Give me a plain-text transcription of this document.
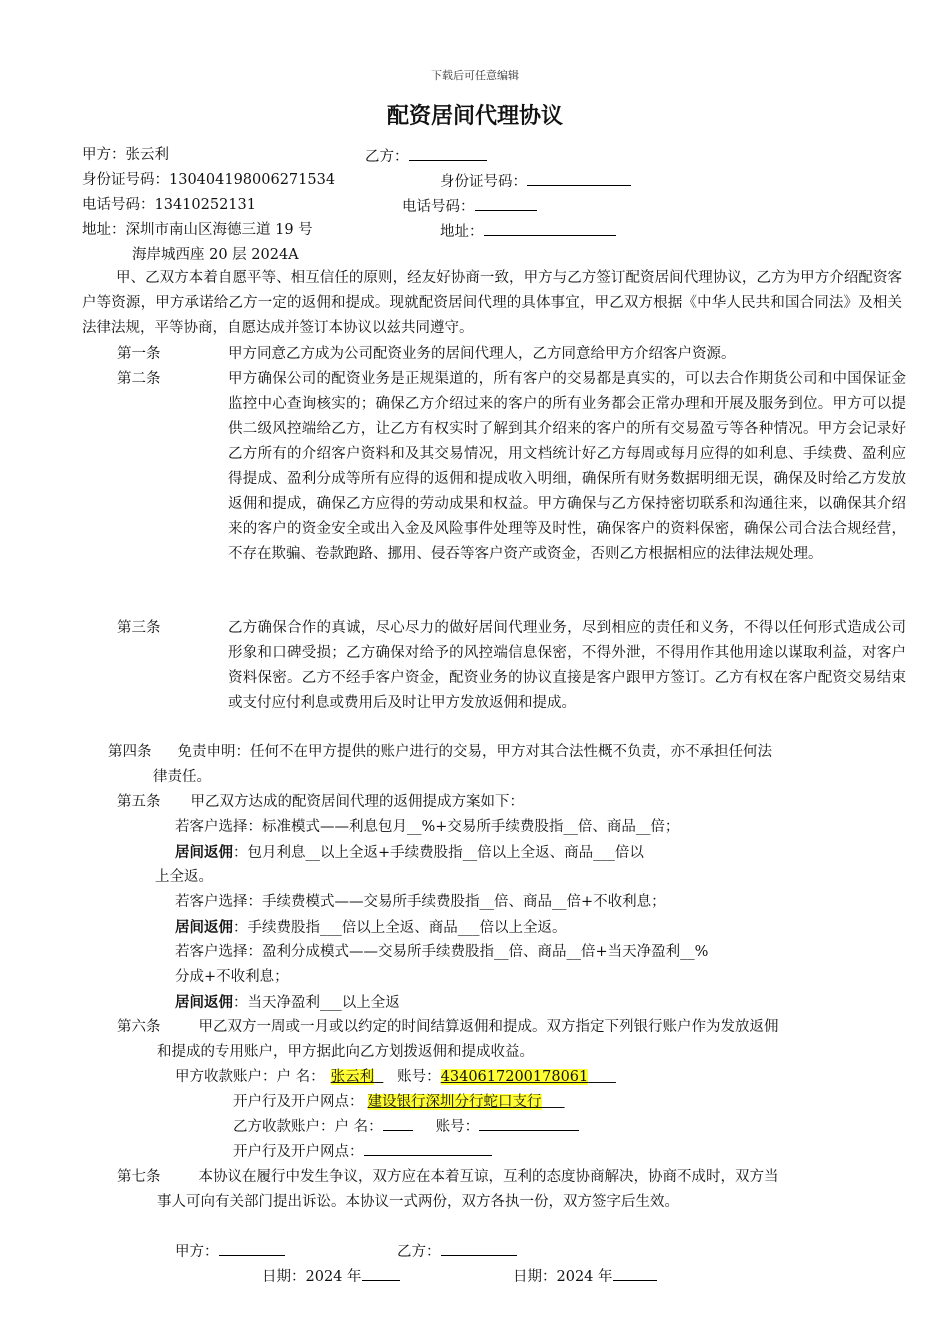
下载后可任意编辑
配资居间代理协议
甲方：张云利	乙方：
身份证号码：130404198006271534	身份证号码：
电话号码：13410252131	电话号码：
地址：深圳市南山区海德三道 19 号	地址：
海岸城西座 20 层 2024A
甲、乙双方本着自愿平等、相互信任的原则，经友好协商一致，甲方与乙方签订配资居间代理协议，乙方为甲方介绍配资客户等资源，甲方承诺给乙方一定的返佣和提成。现就配资居间代理的具体事宜，甲乙双方根据《中华人民共和国合同法》及相关法律法规，平等协商，自愿达成并签订本协议以兹共同遵守。
第一条	甲方同意乙方成为公司配资业务的居间代理人，乙方同意给甲方介绍客户资源。
第二条	甲方确保公司的配资业务是正规渠道的，所有客户的交易都是真实的，可以去合作期货公司和中国保证金监控中心查询核实的；确保乙方介绍过来的客户的所有业务都会正常办理和开展及服务到位。甲方可以提供二级风控端给乙方，让乙方有权实时了解到其介绍来的客户的所有交易盈亏等各种情况。甲方会记录好乙方所有的介绍客户资料和及其交易情况，用文档统计好乙方每周或每月应得的如利息、手续费、盈利应得提成、盈利分成等所有应得的返佣和提成收入明细，确保所有财务数据明细无误，确保及时给乙方发放返佣和提成，确保乙方应得的劳动成果和权益。甲方确保与乙方保持密切联系和沟通往来，以确保其介绍来的客户的资金安全或出入金及风险事件处理等及时性，确保客户的资料保密，确保公司合法合规经营，不存在欺骗、卷款跑路、挪用、侵吞等客户资产或资金，否则乙方根据相应的法律法规处理。
第三条	乙方确保合作的真诚，尽心尽力的做好居间代理业务，尽到相应的责任和义务，不得以任何形式造成公司形象和口碑受损；乙方确保对给予的风控端信息保密，不得外泄，不得用作其他用途以谋取利益，对客户资料保密。乙方不经手客户资金，配资业务的协议直接是客户跟甲方签订。乙方有权在客户配资交易结束或支付应付利息或费用后及时让甲方发放返佣和提成。
第四条 免责申明：任何不在甲方提供的账户进行的交易，甲方对其合法性概不负责，亦不承担任何法
律责任。
第五条 甲乙双方达成的配资居间代理的返佣提成方案如下：
若客户选择：标准模式——利息包月__%+交易所手续费股指__倍、商品__倍；
居间返佣：包月利息__以上全返+手续费股指__倍以上全返、商品___倍以
上全返。
若客户选择：手续费模式——交易所手续费股指__倍、商品__倍+不收利息；
居间返佣：手续费股指___倍以上全返、商品___倍以上全返。
若客户选择：盈利分成模式——交易所手续费股指__倍、商品__倍+当天净盈利__%
分成+不收利息；
居间返佣：当天净盈利___以上全返
第六条	甲乙双方一周或一月或以约定的时间结算返佣和提成。双方指定下列银行账户作为发放返佣
和提成的专用账户，甲方据此向乙方划拨返佣和提成收益。
甲方收款账户：户 名： 张云利 账号：4340617200178061
开户行及开户网点： 建设银行深圳分行蛇口支行
乙方收款账户：户 名：	账号：
开户行及开户网点：
第七条	本协议在履行中发生争议，双方应在本着互谅，互利的态度协商解决，协商不成时，双方当
事人可向有关部门提出诉讼。本协议一式两份，双方各执一份，双方签字后生效。
甲方：	乙方：
日期：2024 年	日期：2024 年
